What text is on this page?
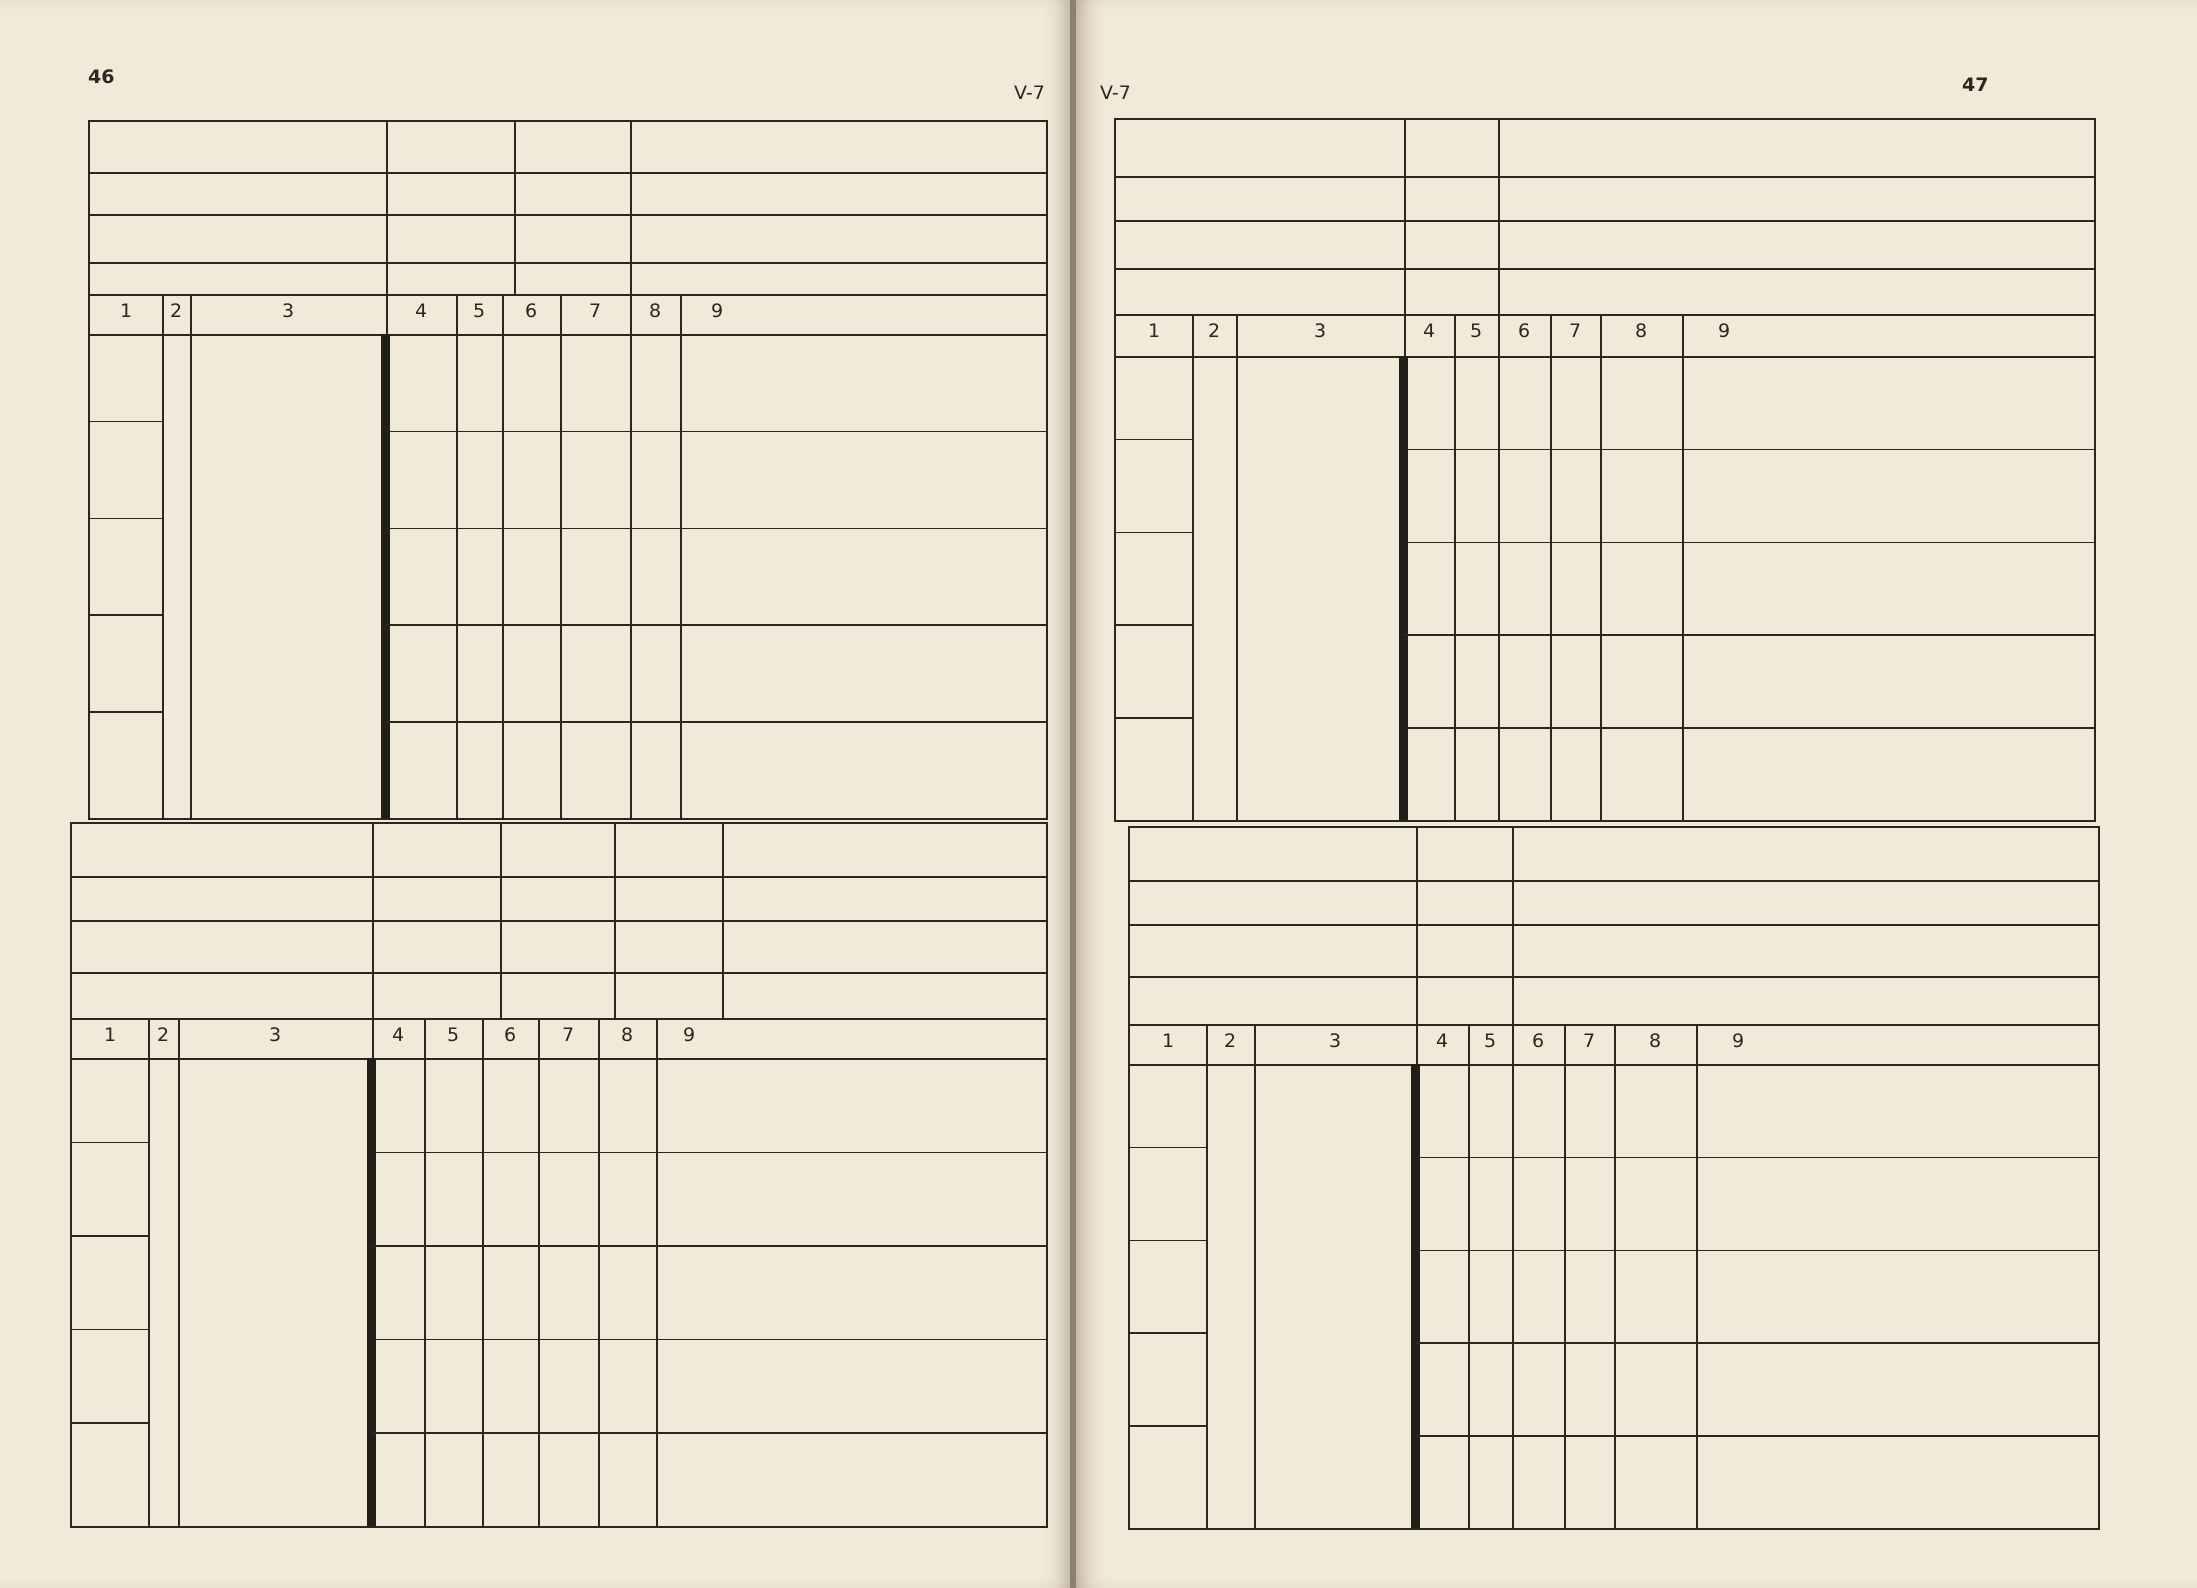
46
V-7
1	2	3	4	5	6	7	8	9
1	2	3	4	5	6	7	8	9
V-7	47
1	2	3	4	5	6	7	8	9
1	2	3	4	5	6	7	8	9
